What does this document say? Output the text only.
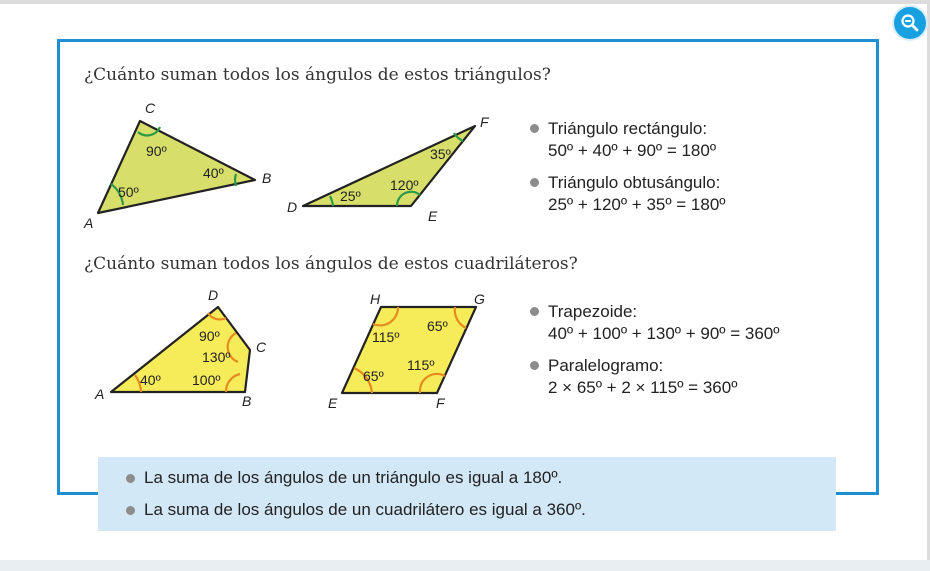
¿Cuánto suman todos los ángulos de estos triángulos?
¿Cuánto suman todos los ángulos de estos cuadriláteros?
A
C
B
50º
90º
40º
D
E
F
25º
120º
35º
A	B
C
D
40º 100º
130º
90º
E	F
G
H
65º
115º
65º
115º
Triángulo rectángulo:
50º + 40º + 90º = 180º
Triángulo obtusángulo:
25º + 120º + 35º = 180º
Trapezoide:
40º + 100º + 130º + 90º = 360º
Paralelogramo:
2 × 65º + 2 × 115º = 360º
La suma de los ángulos de un triángulo es igual a 180º.
La suma de los ángulos de un cuadrilátero es igual a 360º.
